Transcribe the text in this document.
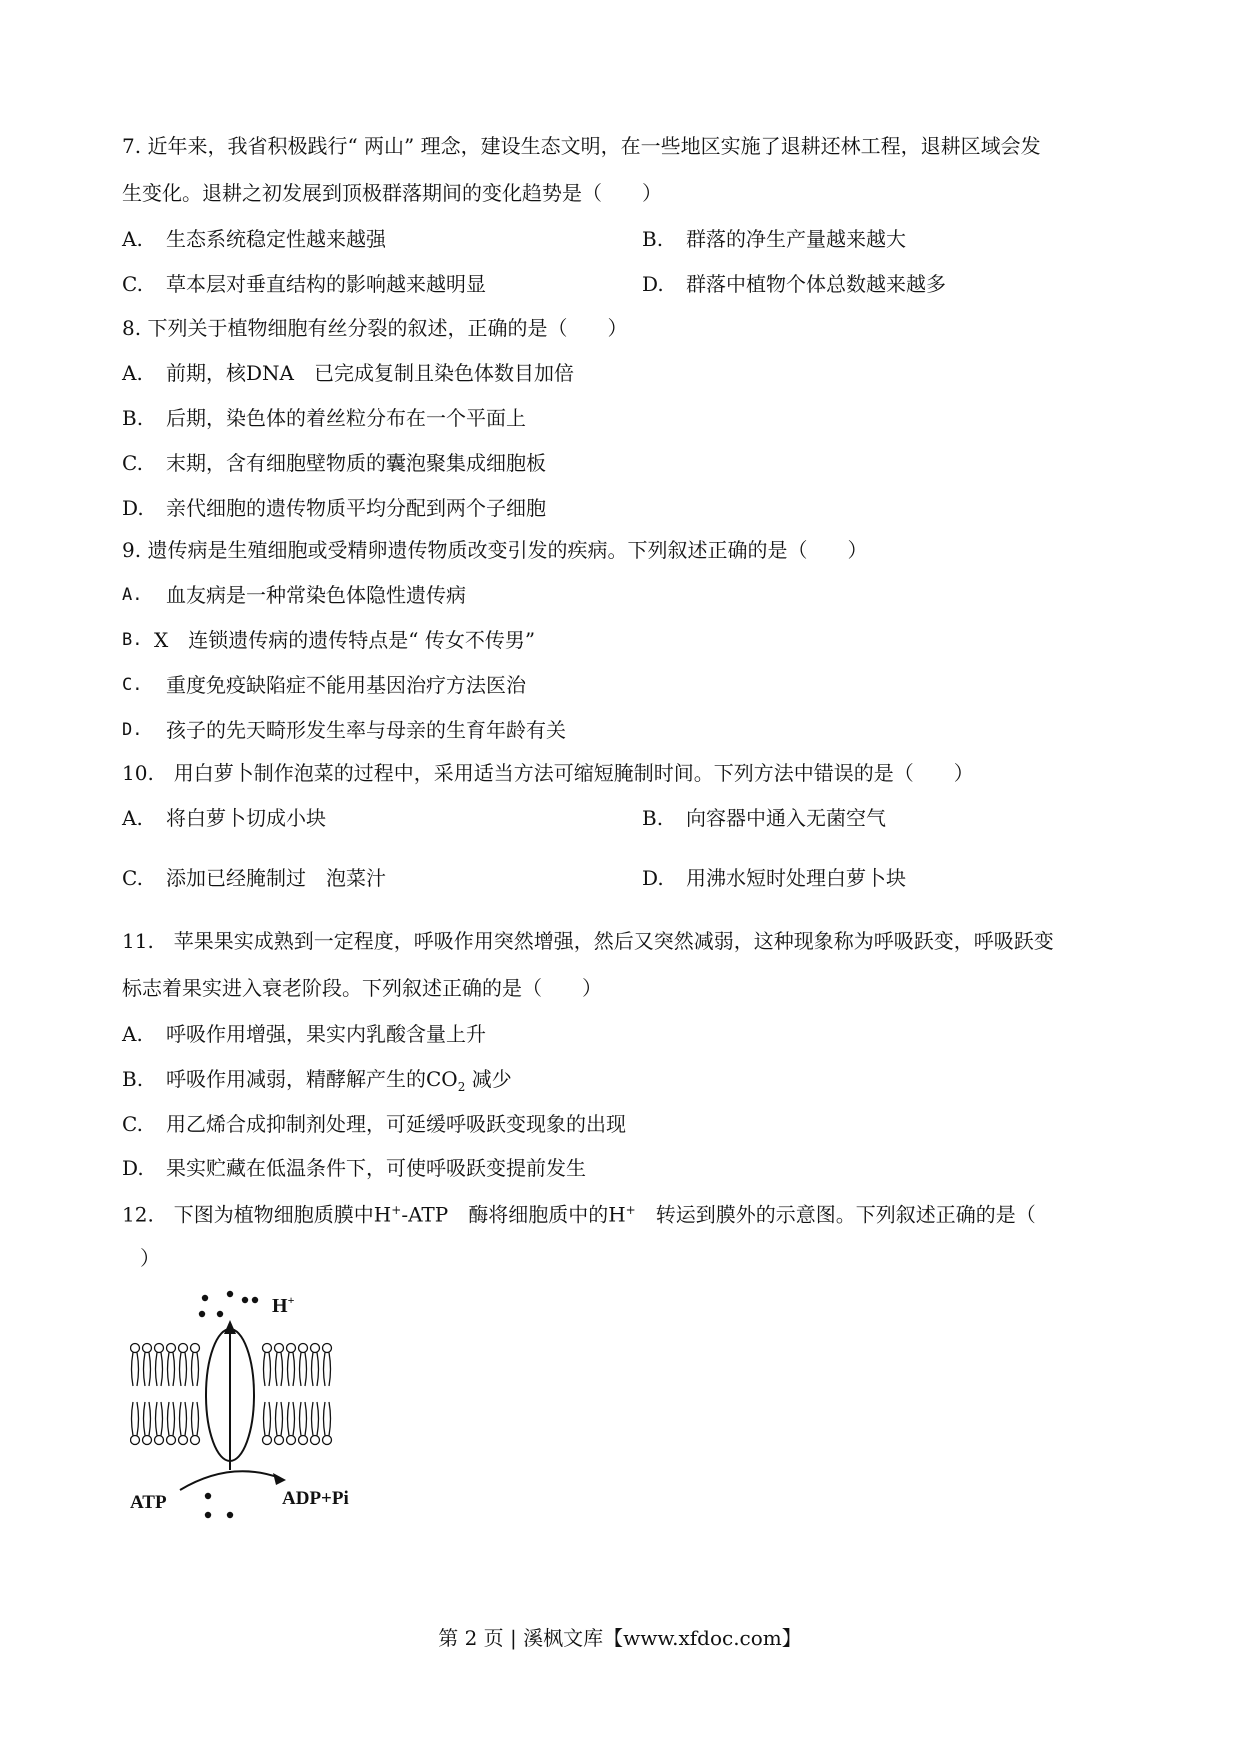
7. 近年来，我省积极践行“ 两山” 理念，建设生态文明，在一些地区实施了退耕还林工程，退耕区域会发
生变化。退耕之初发展到顶极群落期间的变化趋势是（　　）
A. 生态系统稳定性越来越强	B. 群落的净生产量越来越大
C. 草本层对垂直结构的影响越来越明显	D. 群落中植物个体总数越来越多
8. 下列关于植物细胞有丝分裂的叙述，正确的是（　　）
A. 前期，核DNA　已完成复制且染色体数目加倍
B. 后期，染色体的着丝粒分布在一个平面上
C. 末期，含有细胞壁物质的囊泡聚集成细胞板
D. 亲代细胞的遗传物质平均分配到两个子细胞
9. 遗传病是生殖细胞或受精卵遗传物质改变引发的疾病。下列叙述正确的是（　　）
A. 血友病是一种常染色体隐性遗传病
B. X　连锁遗传病的遗传特点是“ 传女不传男”
C. 重度免疫缺陷症不能用基因治疗方法医治
D. 孩子的先天畸形发生率与母亲的生育年龄有关
10.　用白萝卜制作泡菜的过程中，采用适当方法可缩短腌制时间。下列方法中错误的是（　　）
A. 将白萝卜切成小块	B. 向容器中通入无菌空气
C. 添加已经腌制过　泡菜汁	D. 用沸水短时处理白萝卜块
11.　苹果果实成熟到一定程度，呼吸作用突然增强，然后又突然减弱，这种现象称为呼吸跃变，呼吸跃变
标志着果实进入衰老阶段。下列叙述正确的是（　　）
A. 呼吸作用增强，果实内乳酸含量上升
B. 呼吸作用减弱，精酵解产生的$CO_2$ 减少
C. 用乙烯合成抑制剂处理，可延缓呼吸跃变现象的出现
D. 果实贮藏在低温条件下，可使呼吸跃变提前发生
12.　下图为植物细胞质膜中H+-ATP　酶将细胞质中的H+　转运到膜外的示意图。下列叙述正确的是（
）
H+
ATP	ADP+Pi
第 2 页 | 溪枫文库【www.xfdoc.com】
